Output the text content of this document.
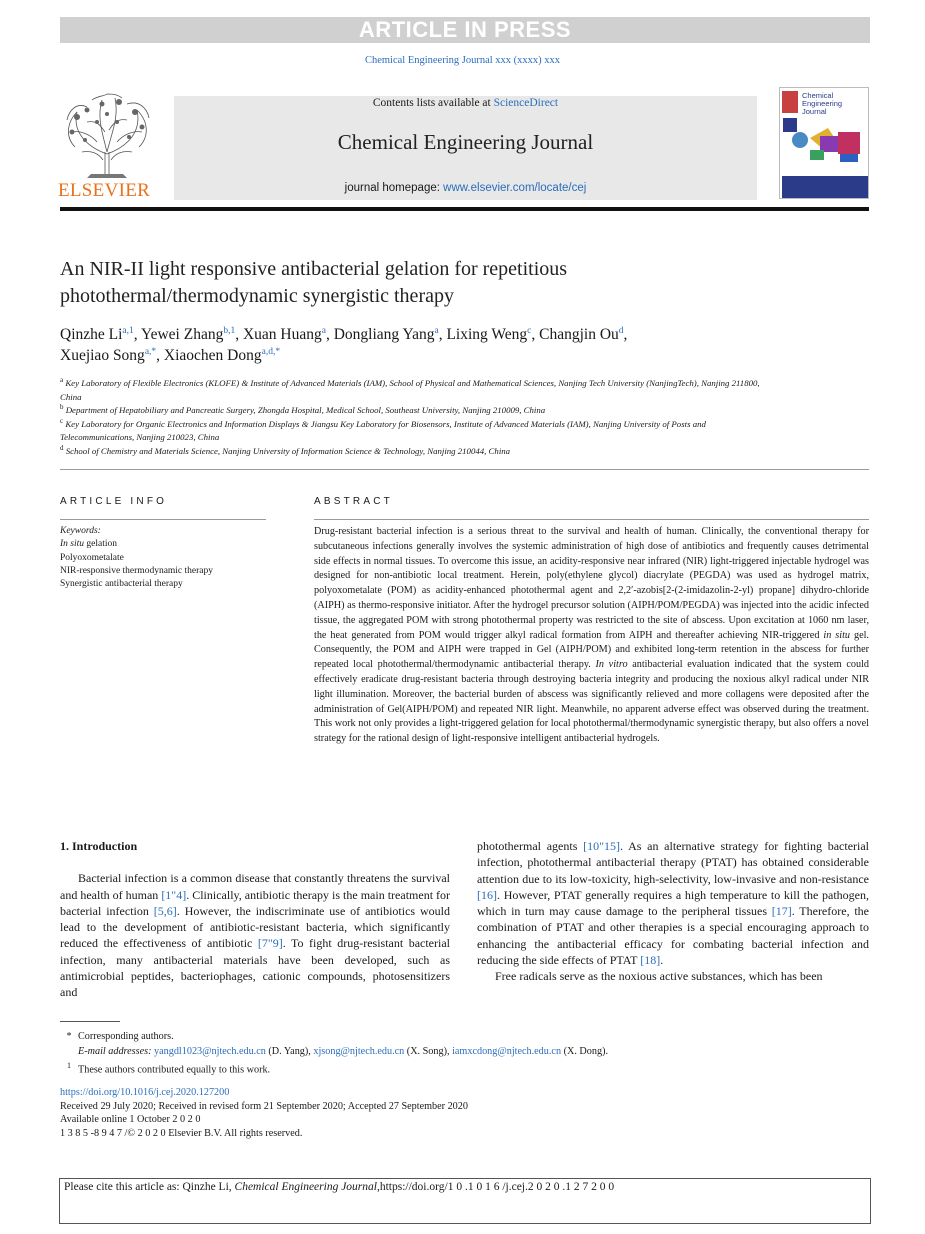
ARTICLE IN PRESS
Chemical Engineering Journal xxx (xxxx) xxx
ELSEVIER
Contents lists available at ScienceDirect
Chemical Engineering Journal
journal homepage: www.elsevier.com/locate/cej
Chemical
Engineering
Journal
An NIR-II light responsive antibacterial gelation for repetitious photothermal/thermodynamic synergistic therapy
Qinzhe Li$^{a,1}$, Yewei Zhang$^{b,1}$, Xuan Huang$^a$, Dongliang Yang$^a$, Lixing Weng$^c$, Changjin Ou$^d$,
Xuejiao Song$^{a,*}$, Xiaochen Dong$^{a,d,*}$
$^a$ Key Laboratory of Flexible Electronics (KLOFE) & Institute of Advanced Materials (IAM), School of Physical and Mathematical Sciences, Nanjing Tech University (NanjingTech), Nanjing 211800, China
$^b$ Department of Hepatobiliary and Pancreatic Surgery, Zhongda Hospital, Medical School, Southeast University, Nanjing 210009, China
$^c$ Key Laboratory for Organic Electronics and Information Displays & Jiangsu Key Laboratory for Biosensors, Institute of Advanced Materials (IAM), Nanjing University of Posts and Telecommunications, Nanjing 210023, China
$^d$ School of Chemistry and Materials Science, Nanjing University of Information Science & Technology, Nanjing 210044, China
ARTICLE INFO	ABSTRACT
Keywords:
In situ gelation
Polyoxometalate
NIR-responsive thermodynamic therapy
Synergistic antibacterial therapy
Drug-resistant bacterial infection is a serious threat to the survival and health of human. Clinically, the conventional therapy for subcutaneous infections generally involves the systemic administration of high dose of antibiotics and frequently causes detrimental side effects in normal tissues. To overcome this issue, an acidity-responsive near infrared (NIR) light-triggered injectable hydrogel was designed for non-antibiotic local treatment. Herein, poly(ethylene glycol) diacrylate (PEGDA) was used as hydrogel matrix, polyoxometalate (POM) as acidity-enhanced photothermal agent and 2,2′-azobis[2-(2-imidazolin-2-yl) propane] dihydro-chloride (AIPH) as thermo-responsive initiator. After the hydrogel precursor solution (AIPH/POM/PEGDA) was injected into the acidic infected tissue, the aggregated POM with strong photothermal property was restricted to the site of abscess. Upon excitation at 1060 nm laser, the heat generated from POM would trigger alkyl radical formation from AIPH and thereafter achieving NIR-triggered in situ gel. Consequently, the POM and AIPH were trapped in Gel (AIPH/POM) and exhibited long-term retention in the abscess for further repeated local photothermal/thermodynamic antibacterial therapy. In vitro antibacterial evaluation indicated that the system could effectively eradicate drug-resistant bacteria through destroying bacteria integrity and producing the noxious alkyl radical under NIR light illumination. Moreover, the bacterial burden of abscess was significantly relieved and more collagens were deposited after the administration of Gel(AIPH/POM) and repeated NIR light. Meanwhile, no apparent adverse effect was observed during the treatment. This work not only provides a light-triggered gelation for local photothermal/thermodynamic synergistic therapy, but also offers a novel strategy for the rational design of light-responsive intelligent antibacterial hydrogels.

1. Introduction

Bacterial infection is a common disease that constantly threatens the survival and health of human [1"4]. Clinically, antibiotic therapy is the main treatment for bacterial infection [5,6]. However, the indiscriminate use of antibiotics would lead to the development of antibiotic-resistant bacteria, which significantly reduced the effectiveness of antibiotic [7"9]. To fight drug-resistant bacterial infection, many antibacterial materials have been developed, such as antimicrobial peptides, bacteriophages, cationic compounds, photosensitizers and

photothermal agents [10"15]. As an alternative strategy for fighting bacterial infection, photothermal antibacterial therapy (PTAT) has obtained considerable attention due to its low-toxicity, high-selectivity, low-invasive and non-resistance [16]. However, PTAT generally requires a high temperature to kill the pathogen, which in turn may cause damage to the peripheral tissues [17]. Therefore, the combination of PTAT and other therapies is a special encouraging approach to enhancing the antibacterial efficacy for combating bacterial infection and reducing the side effects of PTAT [18].

Free radicals serve as the noxious active substances, which has been

* Corresponding authors.
E-mail addresses: yangdl1023@njtech.edu.cn (D. Yang), xjsong@njtech.edu.cn (X. Song), iamxcdong@njtech.edu.cn (X. Dong).
$^1$ These authors contributed equally to this work.
https://doi.org/10.1016/j.cej.2020.127200
Received 29 July 2020; Received in revised form 21 September 2020; Accepted 27 September 2020
Available online 1 October 2 0 2 0
1 3 8 5 -8 9 4 7 /© 2 0 2 0 Elsevier B.V. All rights reserved.
Please cite this article as: Qinzhe Li, Chemical Engineering Journal,https://doi.org/1 0 .1 0 1 6 /j.cej.2 0 2 0 .1 2 7 2 0 0
